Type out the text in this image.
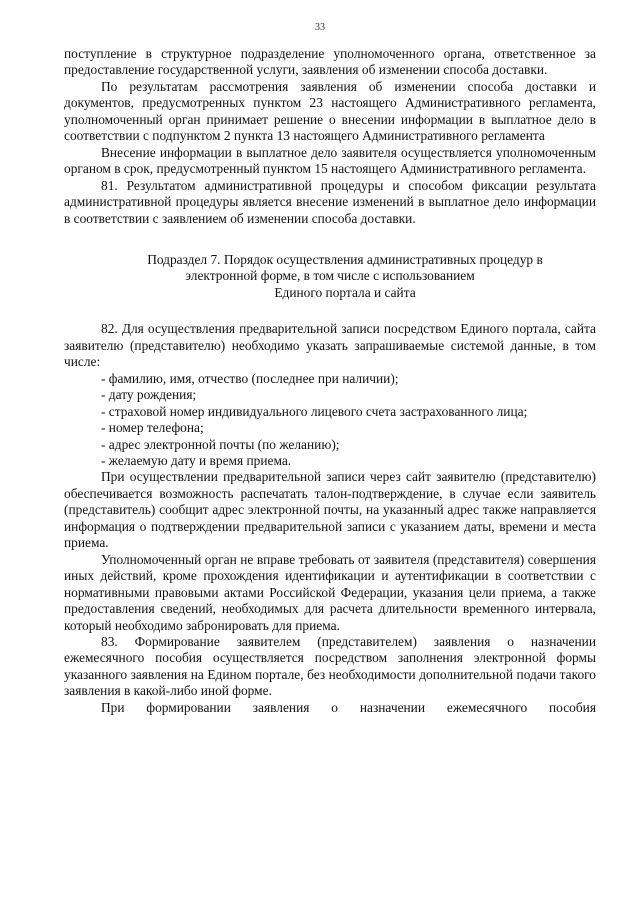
33

поступление в структурное подразделение уполномоченного органа, ответственное за предоставление государственной услуги, заявления об изменении способа доставки.

По результатам рассмотрения заявления об изменении способа доставки и документов, предусмотренных пунктом 23 настоящего Административного регламента, уполномоченный орган принимает решение о внесении информации в выплатное дело в соответствии с подпунктом 2 пункта 13 настоящего Административного регламента

Внесение информации в выплатное дело заявителя осуществляется уполномоченным органом в срок, предусмотренный пунктом 15 настоящего Административного регламента.

81. Результатом административной процедуры и способом фиксации результата административной процедуры является внесение изменений в выплатное дело информации в соответствии с заявлением об изменении способа доставки.

Подраздел 7. Порядок осуществления административных процедур в
электронной форме, в том числе с использованием
Единого портала и сайта

82. Для осуществления предварительной записи посредством Единого портала, сайта заявителю (представителю) необходимо указать запрашиваемые системой данные, в том числе:

- фамилию, имя, отчество (последнее при наличии);

- дату рождения;

- страховой номер индивидуального лицевого счета застрахованного лица;

- номер телефона;

- адрес электронной почты (по желанию);

- желаемую дату и время приема.

При осуществлении предварительной записи через сайт заявителю (представителю) обеспечивается возможность распечатать талон-подтверждение, в случае если заявитель (представитель) сообщит адрес электронной почты, на указанный адрес также направляется информация о подтверждении предварительной записи с указанием даты, времени и места приема.

Уполномоченный орган не вправе требовать от заявителя (представителя) совершения иных действий, кроме прохождения идентификации и аутентификации в соответствии с нормативными правовыми актами Российской Федерации, указания цели приема, а также предоставления сведений, необходимых для расчета длительности временного интервала, который необходимо забронировать для приема.

83. Формирование заявителем (представителем) заявления о назначении ежемесячного пособия осуществляется посредством заполнения электронной формы указанного заявления на Едином портале, без необходимости дополнительной подачи такого заявления в какой-либо иной форме.

При формировании заявления о назначении ежемесячного пособия
